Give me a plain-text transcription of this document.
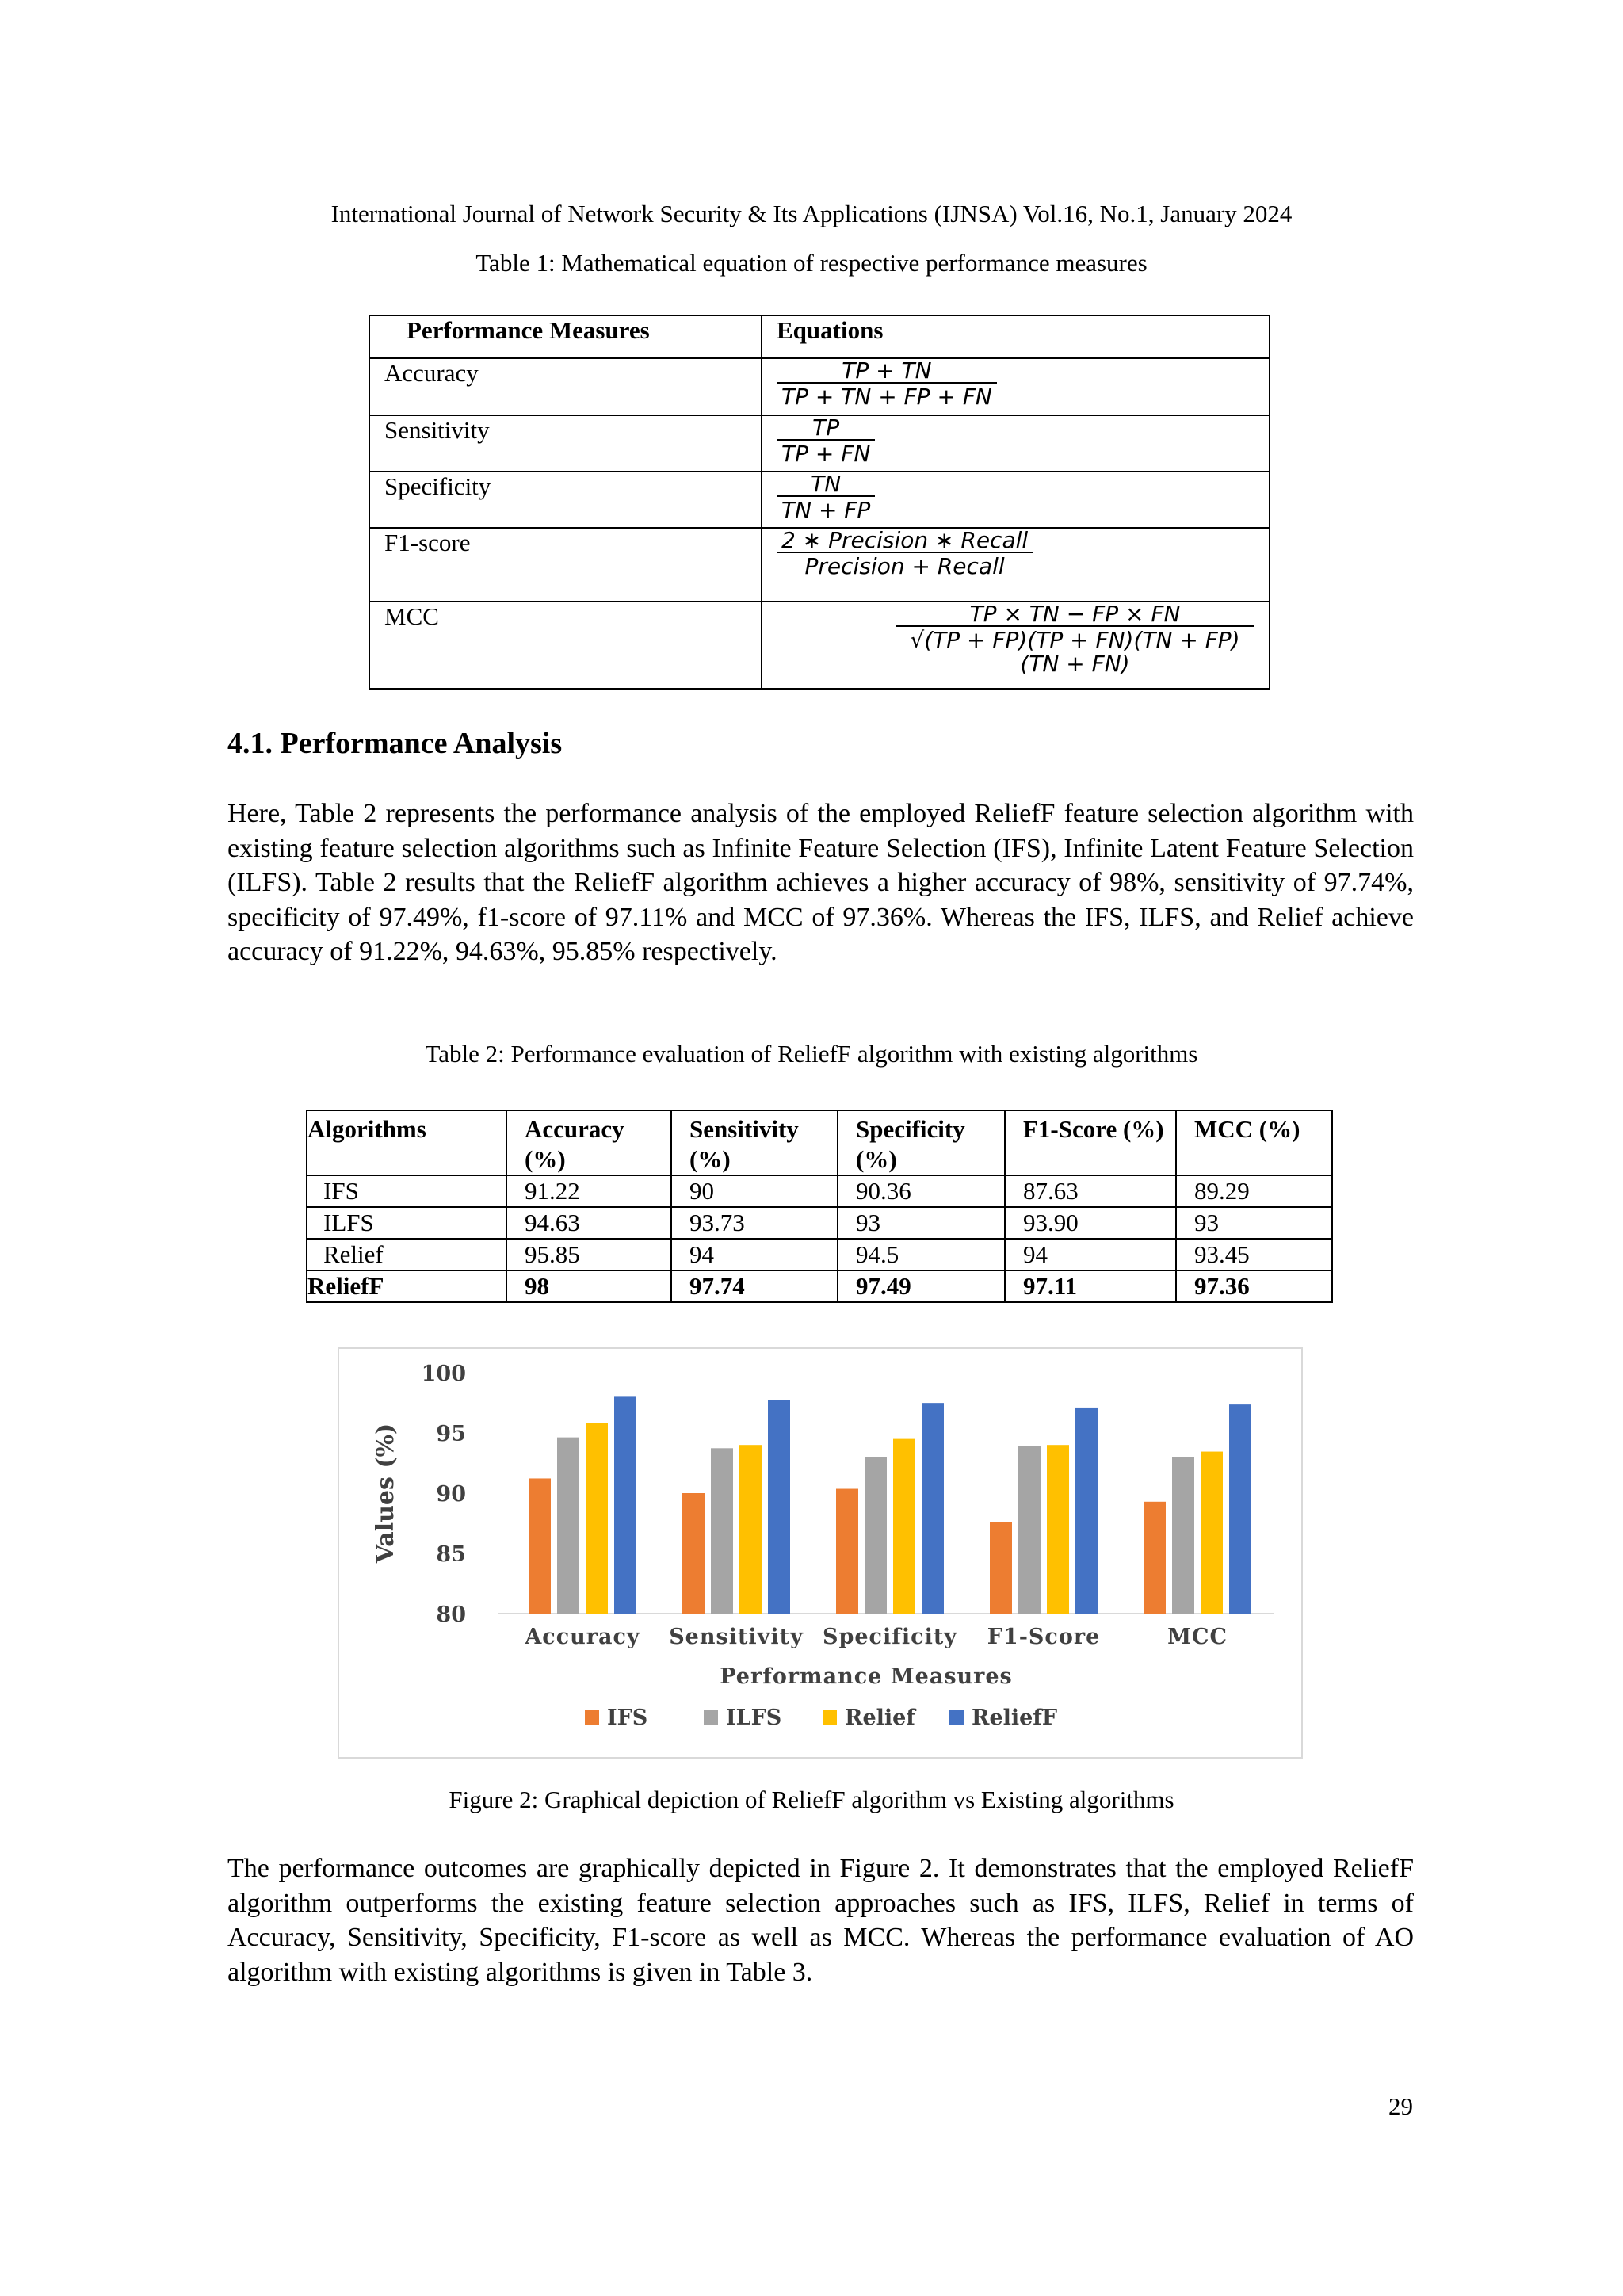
International Journal of Network Security & Its Applications (IJNSA) Vol.16, No.1, January 2024
Table 1: Mathematical equation of respective performance measures
Performance Measures	Equations
Accuracy	$\frac{TP + TN}{TP + TN + FP + FN}$

Sensitivity	$\frac{TP}{TP + FN}$

Specificity	$\frac{TN}{TN + FP}$

F1-score	$\frac{\text{2 ∗ Precision ∗ Recall}}{\text{Precision + Recall}}$

MCC	$\frac{TP \times TN - FP \times FN}{√(TP + FP)(TP + FN)(TN + FP)(TN + FN)}$
4.1. Performance Analysis
Here, Table 2 represents the performance analysis of the employed ReliefF feature selection algorithm with existing feature selection algorithms such as Infinite Feature Selection (IFS), Infinite Latent Feature Selection (ILFS). Table 2 results that the ReliefF algorithm achieves a higher accuracy of 98%, sensitivity of 97.74%, specificity of 97.49%, f1-score of 97.11% and MCC of 97.36%. Whereas the IFS, ILFS, and Relief achieve accuracy of 91.22%, 94.63%, 95.85% respectively.
Table 2: Performance evaluation of ReliefF algorithm with existing algorithms
Algorithms	Accuracy (%)	Sensitivity (%)	Specificity (%)	F1-Score (%)	MCC (%)
IFS	91.22	90	90.36	87.63	89.29
ILFS	94.63	93.73	93	93.90	93
Relief	95.85	94	94.5	94	93.45
ReliefF	98	97.74	97.49	97.11	97.36
100
95
90
85
80
Values (%)
Accuracy Sensitivity Specificity F1-Score	MCC
Performance Measures
IFS	ILFS	Relief	ReliefF
Figure 2: Graphical depiction of ReliefF algorithm vs Existing algorithms
The performance outcomes are graphically depicted in Figure 2. It demonstrates that the employed ReliefF algorithm outperforms the existing feature selection approaches such as IFS, ILFS, Relief in terms of Accuracy, Sensitivity, Specificity, F1-score as well as MCC. Whereas the performance evaluation of AO algorithm with existing algorithms is given in Table 3.
29
